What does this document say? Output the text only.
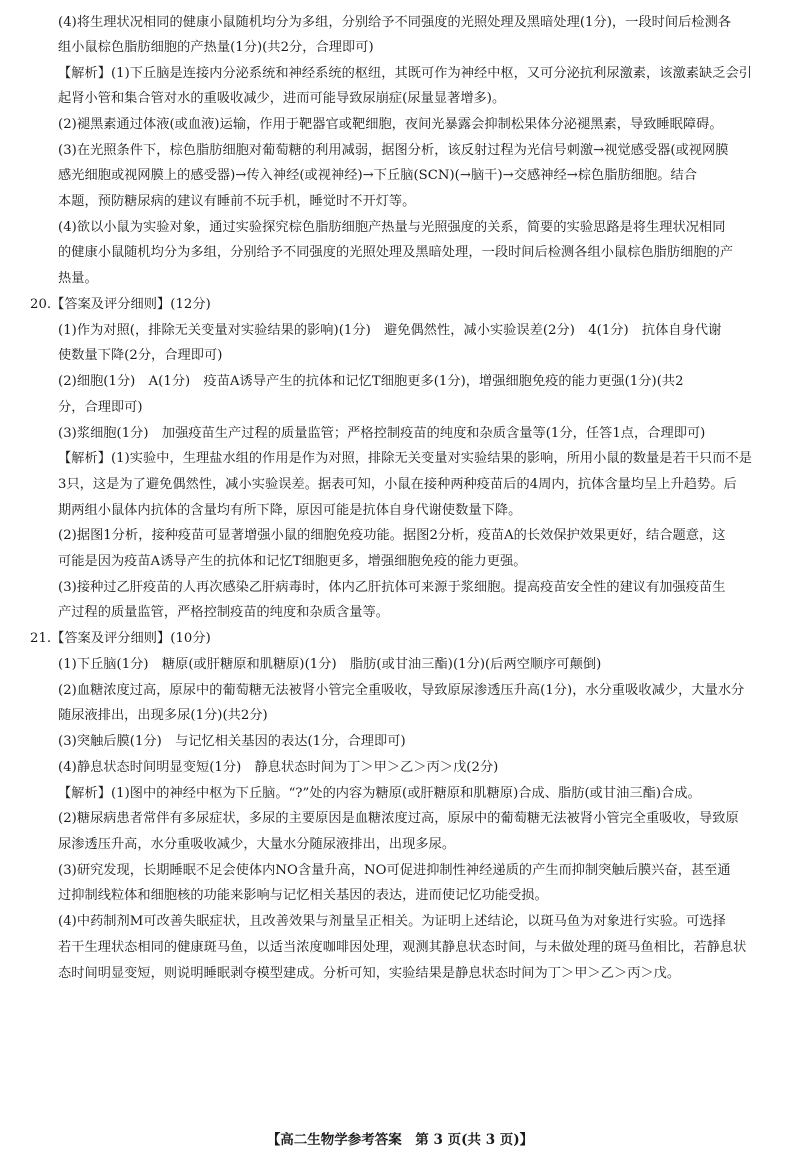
(4)将生理状况相同的健康小鼠随机均分为多组，分别给予不同强度的光照处理及黑暗处理(1分)，一段时间后检测各
组小鼠棕色脂肪细胞的产热量(1分)(共2分，合理即可)
【解析】(1)下丘脑是连接内分泌系统和神经系统的枢纽，其既可作为神经中枢，又可分泌抗利尿激素，该激素缺乏会引
起肾小管和集合管对水的重吸收减少，进而可能导致尿崩症(尿量显著增多)。
(2)褪黑素通过体液(或血液)运输，作用于靶器官或靶细胞，夜间光暴露会抑制松果体分泌褪黑素，导致睡眠障碍。
(3)在光照条件下，棕色脂肪细胞对葡萄糖的利用减弱，据图分析，该反射过程为光信号刺激→视觉感受器(或视网膜
感光细胞或视网膜上的感受器)→传入神经(或视神经)→下丘脑(SCN)(→脑干)→交感神经→棕色脂肪细胞。结合
本题，预防糖尿病的建议有睡前不玩手机，睡觉时不开灯等。
(4)欲以小鼠为实验对象，通过实验探究棕色脂肪细胞产热量与光照强度的关系，简要的实验思路是将生理状况相同
的健康小鼠随机均分为多组，分别给予不同强度的光照处理及黑暗处理，一段时间后检测各组小鼠棕色脂肪细胞的产
热量。
20.【答案及评分细则】(12分)
(1)作为对照(，排除无关变量对实验结果的影响)(1分)　避免偶然性，减小实验误差(2分)　4(1分)　抗体自身代谢
使数量下降(2分，合理即可)
(2)细胞(1分)　A(1分)　疫苗A诱导产生的抗体和记忆T细胞更多(1分)，增强细胞免疫的能力更强(1分)(共2
分，合理即可)
(3)浆细胞(1分)　加强疫苗生产过程的质量监管；严格控制疫苗的纯度和杂质含量等(1分，任答1点，合理即可)
【解析】(1)实验中，生理盐水组的作用是作为对照，排除无关变量对实验结果的影响，所用小鼠的数量是若干只而不是
3只，这是为了避免偶然性，减小实验误差。据表可知，小鼠在接种两种疫苗后的4周内，抗体含量均呈上升趋势。后
期两组小鼠体内抗体的含量均有所下降，原因可能是抗体自身代谢使数量下降。
(2)据图1分析，接种疫苗可显著增强小鼠的细胞免疫功能。据图2分析，疫苗A的长效保护效果更好，结合题意，这
可能是因为疫苗A诱导产生的抗体和记忆T细胞更多，增强细胞免疫的能力更强。
(3)接种过乙肝疫苗的人再次感染乙肝病毒时，体内乙肝抗体可来源于浆细胞。提高疫苗安全性的建议有加强疫苗生
产过程的质量监管，严格控制疫苗的纯度和杂质含量等。
21.【答案及评分细则】(10分)
(1)下丘脑(1分)　糖原(或肝糖原和肌糖原)(1分)　脂肪(或甘油三酯)(1分)(后两空顺序可颠倒)
(2)血糖浓度过高，原尿中的葡萄糖无法被肾小管完全重吸收，导致原尿渗透压升高(1分)，水分重吸收减少，大量水分
随尿液排出，出现多尿(1分)(共2分)
(3)突触后膜(1分)　与记忆相关基因的表达(1分，合理即可)
(4)静息状态时间明显变短(1分)　静息状态时间为丁＞甲＞乙＞丙＞戊(2分)
【解析】(1)图中的神经中枢为下丘脑。“?”处的内容为糖原(或肝糖原和肌糖原)合成、脂肪(或甘油三酯)合成。
(2)糖尿病患者常伴有多尿症状，多尿的主要原因是血糖浓度过高，原尿中的葡萄糖无法被肾小管完全重吸收，导致原
尿渗透压升高，水分重吸收减少，大量水分随尿液排出，出现多尿。
(3)研究发现，长期睡眠不足会使体内NO含量升高，NO可促进抑制性神经递质的产生而抑制突触后膜兴奋，甚至通
过抑制线粒体和细胞核的功能来影响与记忆相关基因的表达，进而使记忆功能受损。
(4)中药制剂M可改善失眠症状，且改善效果与剂量呈正相关。为证明上述结论，以斑马鱼为对象进行实验。可选择
若干生理状态相同的健康斑马鱼，以适当浓度咖啡因处理，观测其静息状态时间，与未做处理的斑马鱼相比，若静息状
态时间明显变短，则说明睡眠剥夺模型建成。分析可知，实验结果是静息状态时间为丁＞甲＞乙＞丙＞戊。
【高二生物学参考答案　第 3 页(共 3 页)】
